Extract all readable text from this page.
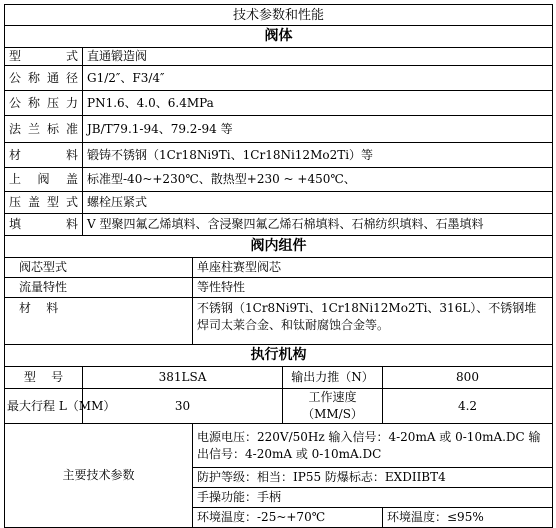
技术参数和性能				
阀体				
型 式	直通锻造阀			
公称通径	G1/2″、F3/4″			
公称压力	PN1.6、4.0、6.4MPa			
法兰标准	JB/T79.1-94、79.2-94 等			
材 料	锻铸不锈钢（1Cr18Ni9Ti、1Cr18Ni12Mo2Ti）等			
上 阀 盖	标准型-40~+230℃、散热型+230 ~ +450℃、			
压盖型式	螺栓压紧式			
填 料	V 型聚四氟乙烯填料、含浸聚四氟乙烯石棉填料、石棉纺织填料、石墨填料			
阀内组件				
阀芯型式		单座柱赛型阀芯		
流量特性		等性特性		
材    料		不锈钢（1Cr8Ni9Ti、1Cr18Ni12Mo2Ti、316L）、不锈钢堆焊司太莱合金、和钛耐腐蚀合金等。		
执行机构				
型    号	381LSA		输出力推（N）	800
最大行程 L（MM）	30		工作速度（MM/S）	4.2
主要技术参数		电源电压：220V/50Hz 输入信号：4-20mA 或 0-10mA.DC 输出信号：4-20mA 或 0-10mA.DC		
		防护等级：相当：IP55 防爆标志：EXDIIBT4		
		手操功能：手柄		
		环境温度：-25~+70℃		环境温度：≤95%
